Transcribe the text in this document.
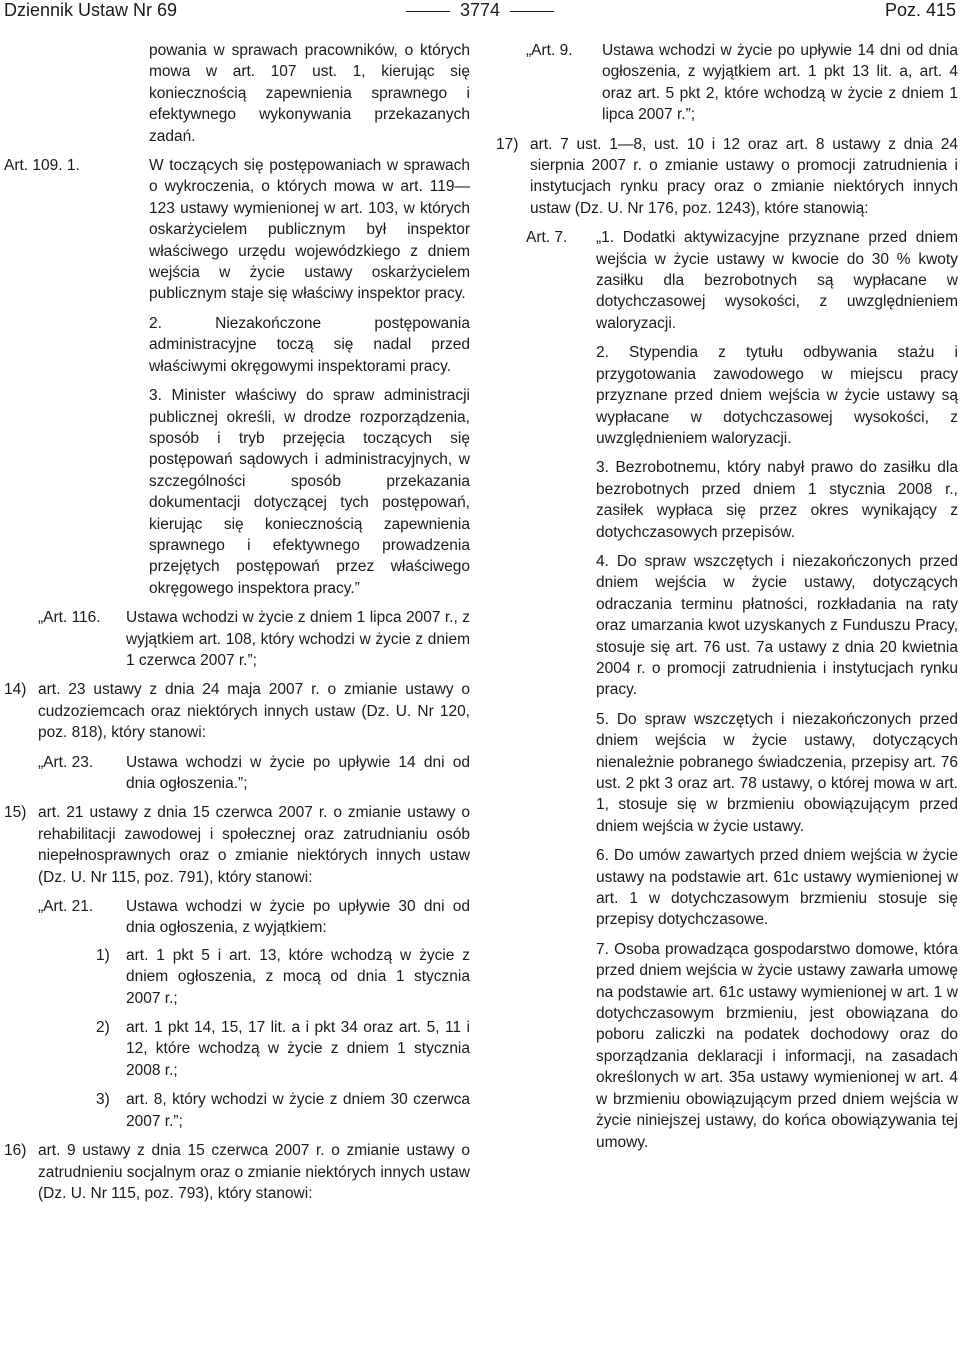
Dziennik Ustaw Nr 69	3774	Poz. 415

powania w sprawach pracowników, o których mowa w art. 107 ust. 1, kierując się koniecznością zapewnienia sprawnego i efektywnego wykonywania przekazanych zadań.

Art. 109. 1.	W toczących się postępowaniach w sprawach o wykroczenia, o których mowa w art. 119—123 ustawy wymienionej w art. 103, w których oskarżycielem publicznym był inspektor właściwego urzędu wojewódzkiego z dniem wejścia w życie ustawy oskarżycielem publicznym staje się właściwy inspektor pracy.

2. Niezakończone postępowania administracyjne toczą się nadal przed właściwymi okręgowymi inspektorami pracy.

3. Minister właściwy do spraw administracji publicznej określi, w drodze rozporządzenia, sposób i tryb przejęcia toczących się postępowań sądowych i administracyjnych, w szczególności sposób przekazania dokumentacji dotyczącej tych postępowań, kierując się koniecznością zapewnienia sprawnego i efektywnego prowadzenia przejętych postępowań przez właściwego okręgowego inspektora pracy.”

„Art. 116.	Ustawa wchodzi w życie z dniem 1 lipca 2007 r., z wyjątkiem art. 108, który wchodzi w życie z dniem 1 czerwca 2007 r.”;

14) art. 23 ustawy z dnia 24 maja 2007 r. o zmianie ustawy o cudzoziemcach oraz niektórych innych ustaw (Dz. U. Nr 120, poz. 818), który stanowi:

„Art. 23.	Ustawa wchodzi w życie po upływie 14 dni od dnia ogłoszenia.”;

15) art. 21 ustawy z dnia 15 czerwca 2007 r. o zmianie ustawy o rehabilitacji zawodowej i społecznej oraz zatrudnianiu osób niepełnosprawnych oraz o zmianie niektórych innych ustaw (Dz. U. Nr 115, poz. 791), który stanowi:

„Art. 21.	Ustawa wchodzi w życie po upływie 30 dni od dnia ogłoszenia, z wyjątkiem:

1)	art. 1 pkt 5 i art. 13, które wchodzą w życie z dniem ogłoszenia, z mocą od dnia 1 stycznia 2007 r.;

2)	art. 1 pkt 14, 15, 17 lit. a i pkt 34 oraz art. 5, 11 i 12, które wchodzą w życie z dniem 1 stycznia 2008 r.;

3)	art. 8, który wchodzi w życie z dniem 30 czerwca 2007 r.”;

16) art. 9 ustawy z dnia 15 czerwca 2007 r. o zmianie ustawy o zatrudnieniu socjalnym oraz o zmianie niektórych innych ustaw (Dz. U. Nr 115, poz. 793), który stanowi:

„Art. 9.	Ustawa wchodzi w życie po upływie 14 dni od dnia ogłoszenia, z wyjątkiem art. 1 pkt 13 lit. a, art. 4 oraz art. 5 pkt 2, które wchodzą w życie z dniem 1 lipca 2007 r.”;

17) art. 7 ust. 1—8, ust. 10 i 12 oraz art. 8 ustawy z dnia 24 sierpnia 2007 r. o zmianie ustawy o promocji zatrudnienia i instytucjach rynku pracy oraz o zmianie niektórych innych ustaw (Dz. U. Nr 176, poz. 1243), które stanowią:

Art. 7.	„1. Dodatki aktywizacyjne przyznane przed dniem wejścia w życie ustawy w kwocie do 30 % kwoty zasiłku dla bezrobotnych są wypłacane w dotychczasowej wysokości, z uwzględnieniem waloryzacji.

2. Stypendia z tytułu odbywania stażu i przygotowania zawodowego w miejscu pracy przyznane przed dniem wejścia w życie ustawy są wypłacane w dotychczasowej wysokości, z uwzględnieniem waloryzacji.

3. Bezrobotnemu, który nabył prawo do zasiłku dla bezrobotnych przed dniem 1 stycznia 2008 r., zasiłek wypłaca się przez okres wynikający z dotychczasowych przepisów.

4. Do spraw wszczętych i niezakończonych przed dniem wejścia w życie ustawy, dotyczących odraczania terminu płatności, rozkładania na raty oraz umarzania kwot uzyskanych z Funduszu Pracy, stosuje się art. 76 ust. 7a ustawy z dnia 20 kwietnia 2004 r. o promocji zatrudnienia i instytucjach rynku pracy.

5. Do spraw wszczętych i niezakończonych przed dniem wejścia w życie ustawy, dotyczących nienależnie pobranego świadczenia, przepisy art. 76 ust. 2 pkt 3 oraz art. 78 ustawy, o której mowa w art. 1, stosuje się w brzmieniu obowiązującym przed dniem wejścia w życie ustawy.

6. Do umów zawartych przed dniem wejścia w życie ustawy na podstawie art. 61c ustawy wymienionej w art. 1 w dotychczasowym brzmieniu stosuje się przepisy dotychczasowe.

7. Osoba prowadząca gospodarstwo domowe, która przed dniem wejścia w życie ustawy zawarła umowę na podstawie art. 61c ustawy wymienionej w art. 1 w dotychczasowym brzmieniu, jest obowiązana do poboru zaliczki na podatek dochodowy oraz do sporządzania deklaracji i informacji, na zasadach określonych w art. 35a ustawy wymienionej w art. 4 w brzmieniu obowiązującym przed dniem wejścia w życie niniejszej ustawy, do końca obowiązywania tej umowy.
